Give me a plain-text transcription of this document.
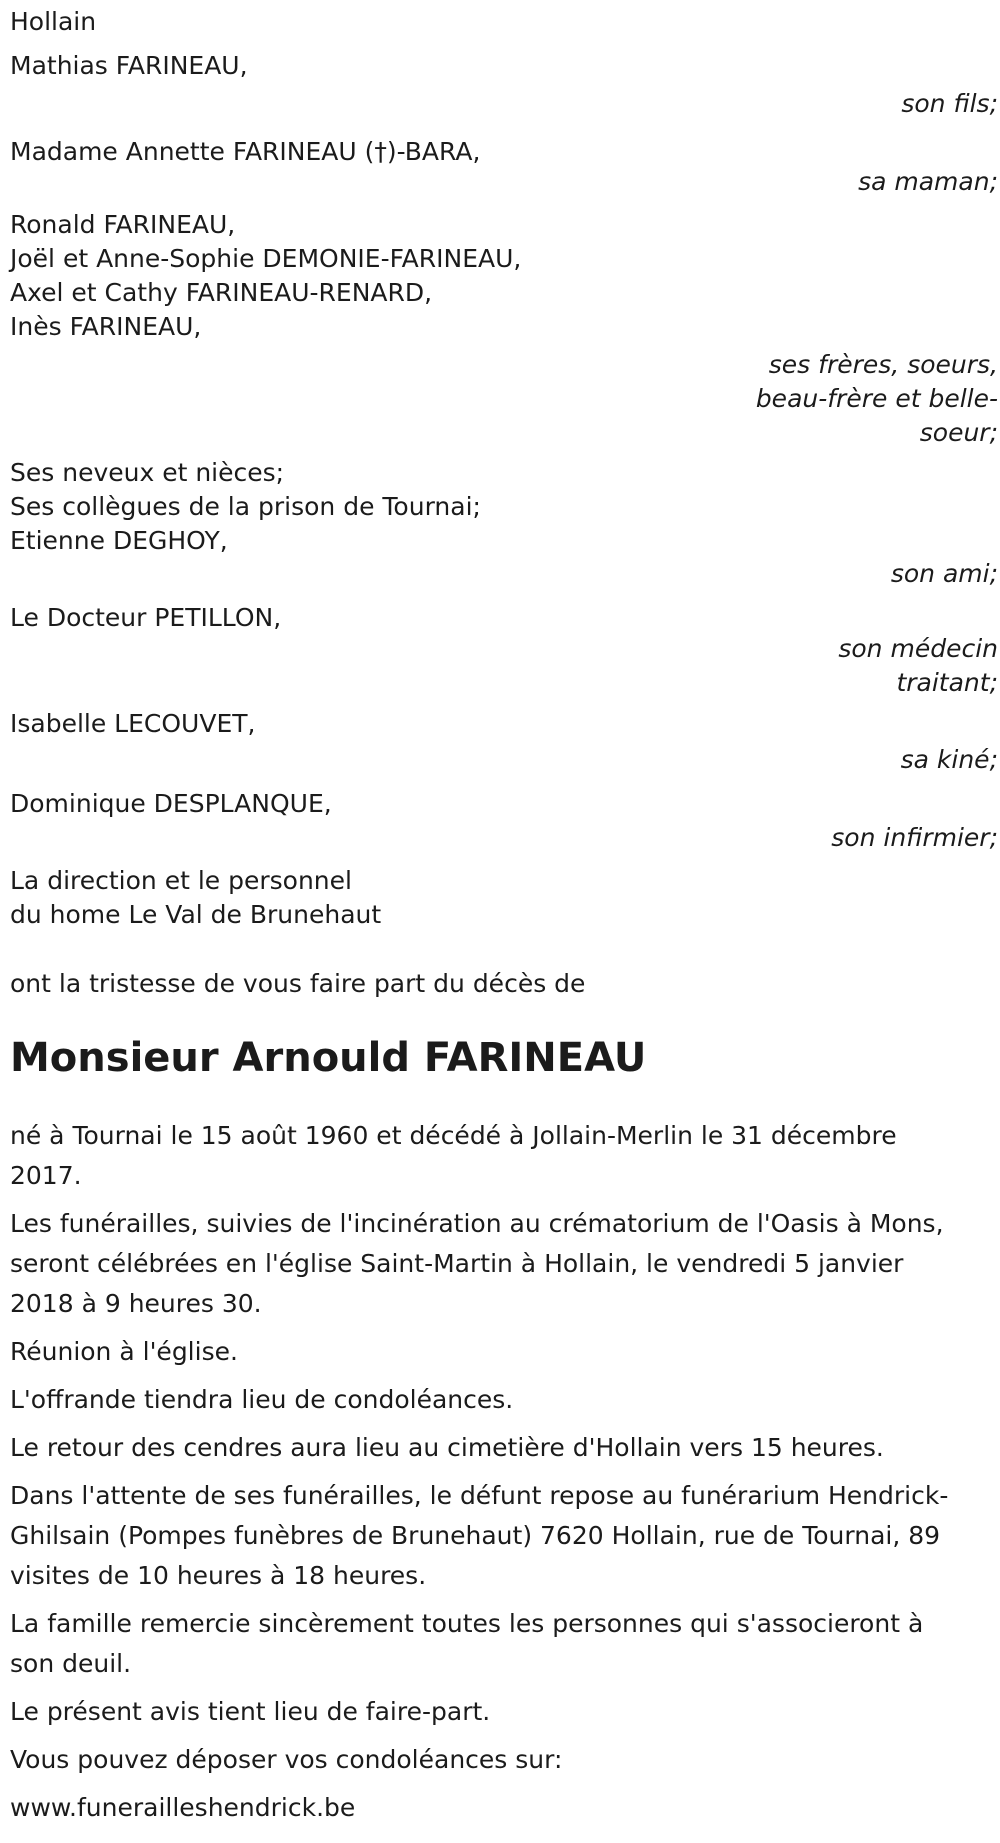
Hollain

Mathias FARINEAU,

son fils;

Madame Annette FARINEAU (†)-BARA,

sa maman;

Ronald FARINEAU,

Joël et Anne-Sophie DEMONIE-FARINEAU,

Axel et Cathy FARINEAU-RENARD,

Inès FARINEAU,

ses frères, soeurs,

beau-frère et belle-

soeur;

Ses neveux et nièces;

Ses collègues de la prison de Tournai;

Etienne DEGHOY,

son ami;

Le Docteur PETILLON,

son médecin

traitant;

Isabelle LECOUVET,

sa kiné;

Dominique DESPLANQUE,

son infirmier;

La direction et le personnel

du home Le Val de Brunehaut

ont la tristesse de vous faire part du décès de

Monsieur Arnould FARINEAU

né à Tournai le 15 août 1960 et décédé à Jollain-Merlin le 31 décembre 2017.

Les funérailles, suivies de l'incinération au crématorium de l'Oasis à Mons, seront célébrées en l'église Saint-Martin à Hollain, le vendredi 5 janvier 2018 à 9 heures 30.

Réunion à l'église.

L'offrande tiendra lieu de condoléances.

Le retour des cendres aura lieu au cimetière d'Hollain vers 15 heures.

Dans l'attente de ses funérailles, le défunt repose au funérarium Hendrick-Ghilsain (Pompes funèbres de Brunehaut) 7620 Hollain, rue de Tournai, 89 visites de 10 heures à 18 heures.

La famille remercie sincèrement toutes les personnes qui s'associeront à son deuil.

Le présent avis tient lieu de faire-part.

Vous pouvez déposer vos condoléances sur:

www.funerailleshendrick.be
